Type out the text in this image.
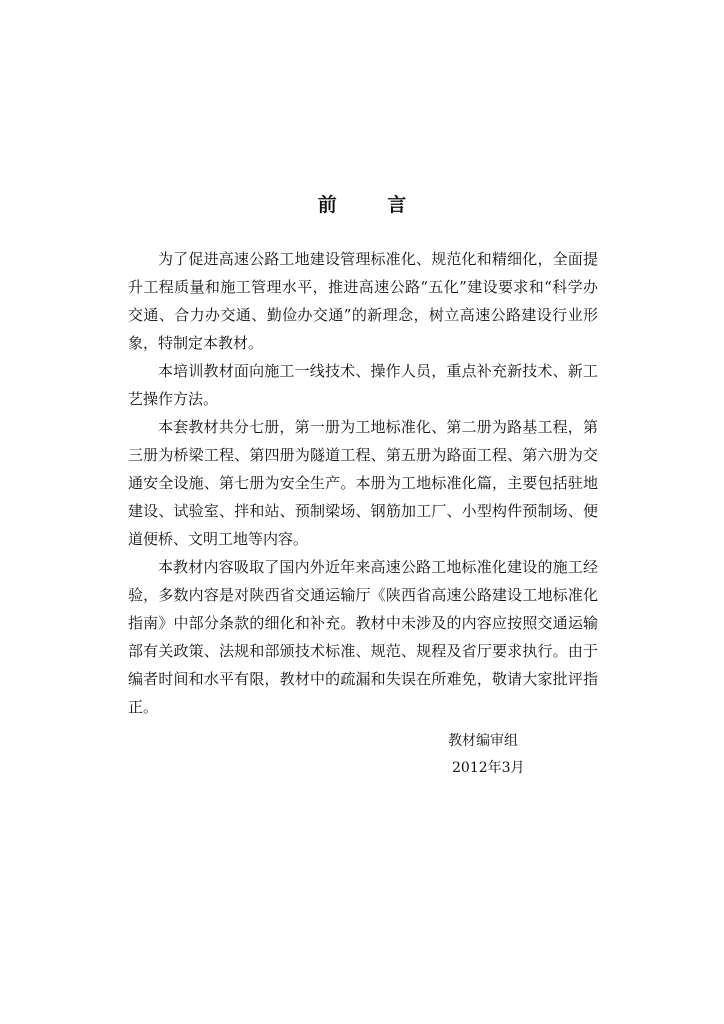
前 言

为了促进高速公路工地建设管理标准化、规范化和精细化，全面提升工程质量和施工管理水平，推进高速公路“五化”建设要求和“科学办交通、合力办交通、勤俭办交通”的新理念，树立高速公路建设行业形象，特制定本教材。

本培训教材面向施工一线技术、操作人员，重点补充新技术、新工艺操作方法。

本套教材共分七册，第一册为工地标准化、第二册为路基工程，第三册为桥梁工程、第四册为隧道工程、第五册为路面工程、第六册为交通安全设施、第七册为安全生产。本册为工地标准化篇，主要包括驻地建设、试验室、拌和站、预制梁场、钢筋加工厂、小型构件预制场、便道便桥、文明工地等内容。

本教材内容吸取了国内外近年来高速公路工地标准化建设的施工经验，多数内容是对陕西省交通运输厅《陕西省高速公路建设工地标准化指南》中部分条款的细化和补充。教材中未涉及的内容应按照交通运输部有关政策、法规和部颁技术标准、规范、规程及省厅要求执行。由于编者时间和水平有限，教材中的疏漏和失误在所难免，敬请大家批评指正。

教材编审组
2012年3月
